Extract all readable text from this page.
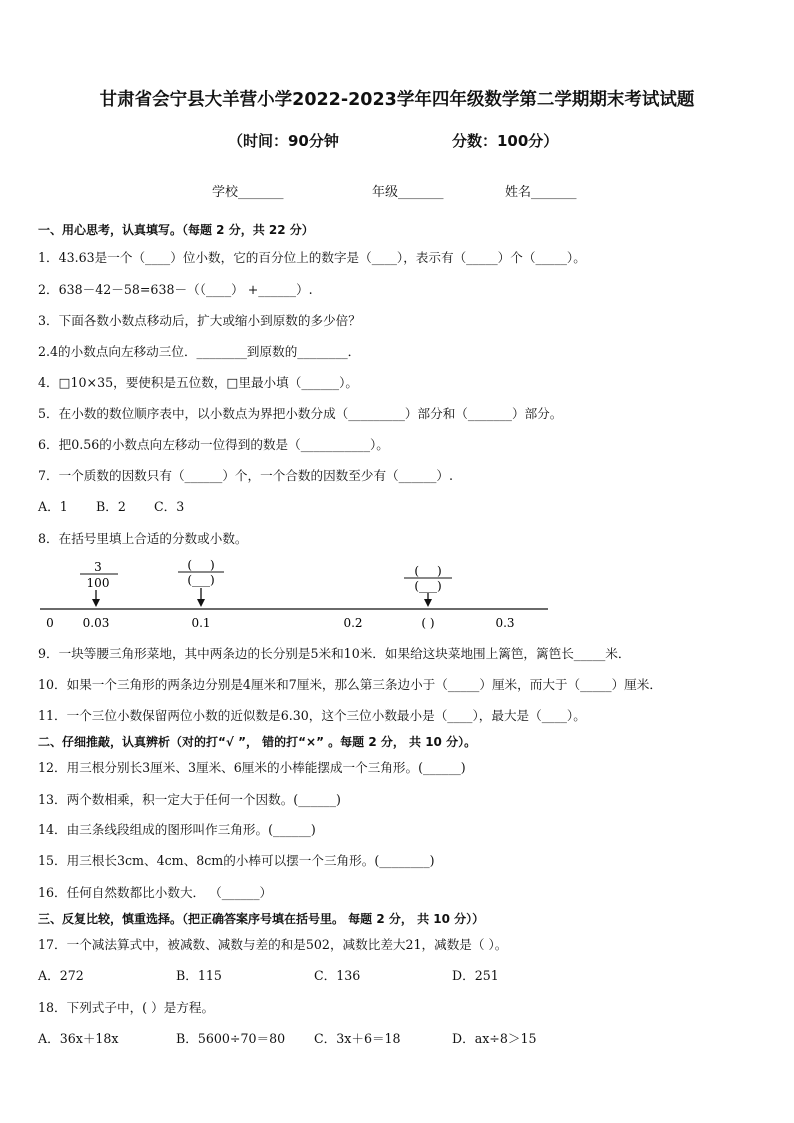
甘肃省会宁县大羊营小学2022-2023学年四年级数学第二学期期末考试试题
（时间：90分钟	分数：100分）
学校_______	年级_______	姓名_______
一、用心思考，认真填写。（每题 2 分，共 22 分）
1．43.63是一个（____）位小数，它的百分位上的数字是（____），表示有（_____）个（_____）。
2．638－42－58=638－（（____） +______）.
3．下面各数小数点移动后，扩大或缩小到原数的多少倍？
2.4的小数点向左移动三位．________到原数的________．
4．□10×35，要使积是五位数，□里最小填（______）。
5．在小数的数位顺序表中，以小数点为界把小数分成（_________）部分和（_______）部分。
6．把0.56的小数点向左移动一位得到的数是（___________）。
7．一个质数的因数只有（______）个，一个合数的因数至少有（______）.
A．1 B．2 C．3
8．在括号里填上合适的分数或小数。
3
100
(___)
(___)
(___)
(___)
0 0.03	0.1	0.2	( )	0.3
9．一块等腰三角形菜地，其中两条边的长分别是5米和10米．如果给这块菜地围上篱笆，篱笆长_____米．
10．如果一个三角形的两条边分别是4厘米和7厘米，那么第三条边小于（_____）厘米，而大于（_____）厘米．
11．一个三位小数保留两位小数的近似数是6.30，这个三位小数最小是（____），最大是（____）。
二、仔细推敲，认真辨析（对的打“√ ”， 错的打“×” 。每题 2 分， 共 10 分）。
12．用三根分别长3厘米、3厘米、6厘米的小棒能摆成一个三角形。(______)
13．两个数相乘，积一定大于任何一个因数。(______)
14．由三条线段组成的图形叫作三角形。(______)
15．用三根长3cm、4cm、8cm的小棒可以摆一个三角形。(________)
16．任何自然数都比小数大． （______）
三、反复比较，慎重选择。（把正确答案序号填在括号里。 每题 2 分， 共 10 分））
17．一个减法算式中，被减数、减数与差的和是502，减数比差大21，减数是（ ）。
A．272	B．115	C．136	D．251
18．下列式子中，( ）是方程。
A．36x＋18x	B．5600÷70＝80 C．3x＋6＝18	D．ax÷8＞15
